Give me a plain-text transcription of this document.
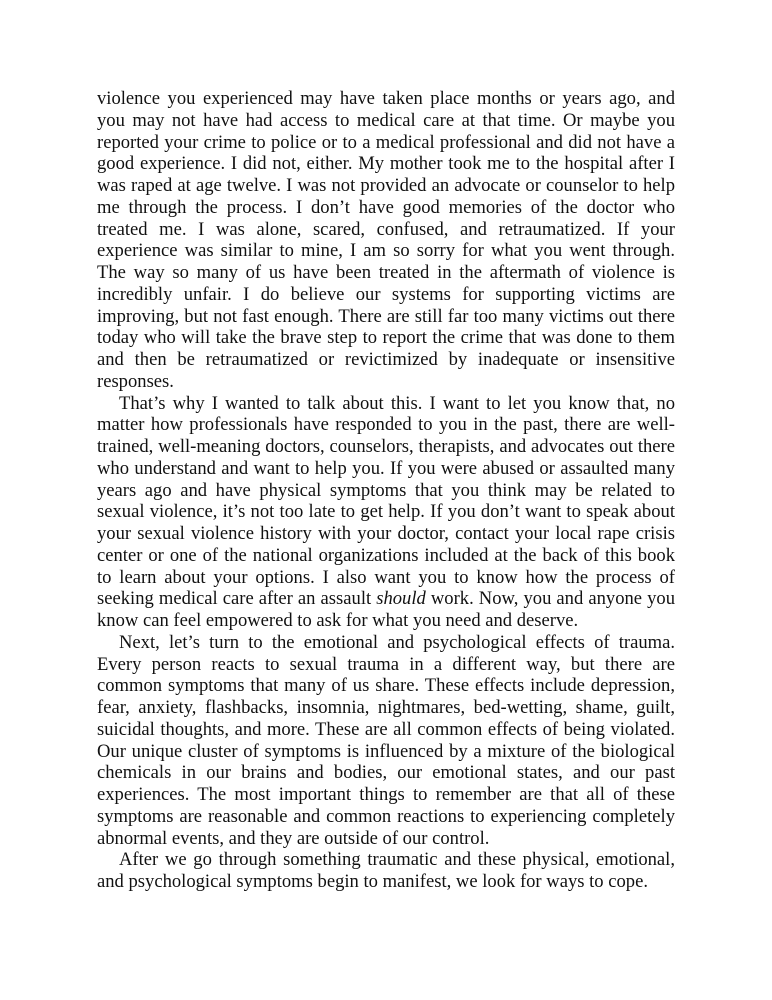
violence you experienced may have taken place months or years ago, and you may not have had access to medical care at that time. Or maybe you reported your crime to police or to a medical professional and did not have a good experience. I did not, either. My mother took me to the hospital after I was raped at age twelve. I was not provided an advocate or counselor to help me through the process. I don’t have good memories of the doctor who treated me. I was alone, scared, confused, and retraumatized. If your experience was similar to mine, I am so sorry for what you went through. The way so many of us have been treated in the aftermath of violence is incredibly unfair. I do believe our systems for supporting victims are improving, but not fast enough. There are still far too many victims out there today who will take the brave step to report the crime that was done to them and then be retraumatized or revictimized by inadequate or insensitive responses.

That’s why I wanted to talk about this. I want to let you know that, no matter how professionals have responded to you in the past, there are well-trained, well-meaning doctors, counselors, therapists, and advocates out there who understand and want to help you. If you were abused or assaulted many years ago and have physical symptoms that you think may be related to sexual violence, it’s not too late to get help. If you don’t want to speak about your sexual violence history with your doctor, contact your local rape crisis center or one of the national organizations included at the back of this book to learn about your options. I also want you to know how the process of seeking medical care after an assault should work. Now, you and anyone you know can feel empowered to ask for what you need and deserve.

Next, let’s turn to the emotional and psychological effects of trauma. Every person reacts to sexual trauma in a different way, but there are common symptoms that many of us share. These effects include depression, fear, anxiety, flashbacks, insomnia, nightmares, bed-wetting, shame, guilt, suicidal thoughts, and more. These are all common effects of being violated. Our unique cluster of symptoms is influenced by a mixture of the biological chemicals in our brains and bodies, our emotional states, and our past experiences. The most important things to remember are that all of these symptoms are reasonable and common reactions to experiencing completely abnormal events, and they are outside of our control.

After we go through something traumatic and these physical, emotional, and psychological symptoms begin to manifest, we look for ways to cope.
